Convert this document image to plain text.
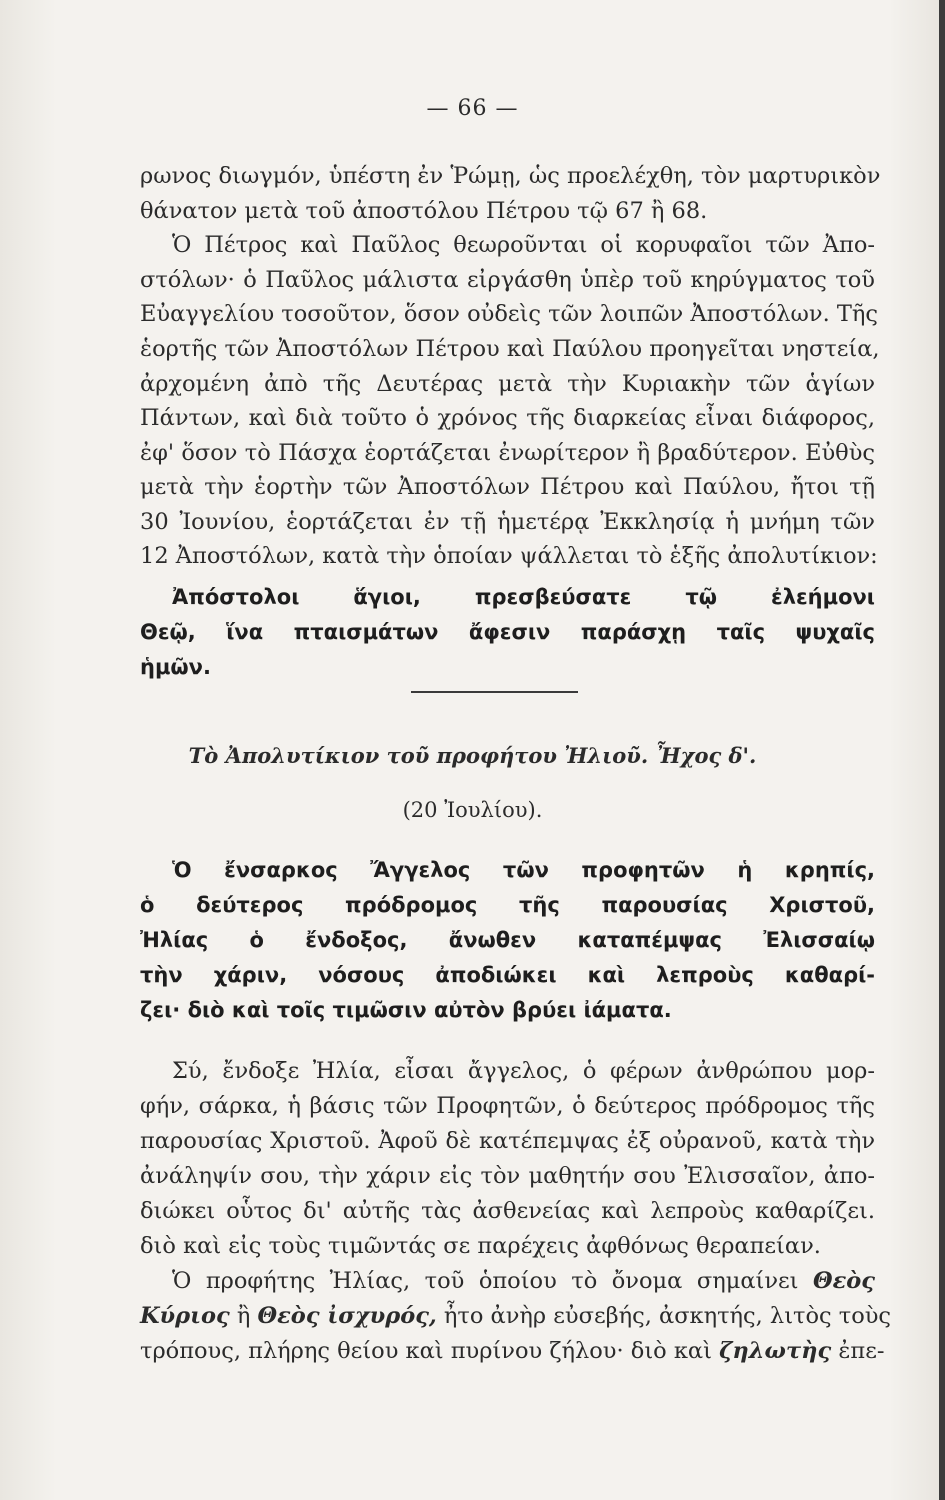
— 66 —
ρωνος διωγμόν, ὑπέστη ἐν Ῥώμῃ, ὡς προελέχθη, τὸν μαρτυρικὸν
θάνατον μετὰ τοῦ ἀποστόλου Πέτρου τῷ 67 ἢ 68.
Ὁ Πέτρος καὶ Παῦλος θεωροῦνται οἱ κορυφαῖοι τῶν Ἀπο-
στόλων· ὁ Παῦλος μάλιστα εἰργάσθη ὑπὲρ τοῦ κηρύγματος τοῦ
Εὐαγγελίου τοσοῦτον, ὅσον οὐδεὶς τῶν λοιπῶν Ἀποστόλων. Τῆς
ἑορτῆς τῶν Ἀποστόλων Πέτρου καὶ Παύλου προηγεῖται νηστεία,
ἀρχομένη ἀπὸ τῆς Δευτέρας μετὰ τὴν Κυριακὴν τῶν ἁγίων
Πάντων, καὶ διὰ τοῦτο ὁ χρόνος τῆς διαρκείας εἶναι διάφορος,
ἐφ' ὅσον τὸ Πάσχα ἑορτάζεται ἐνωρίτερον ἢ βραδύτερον. Εὐθὺς
μετὰ τὴν ἑορτὴν τῶν Ἀποστόλων Πέτρου καὶ Παύλου, ἤτοι τῇ
30 Ἰουνίου, ἑορτάζεται ἐν τῇ ἡμετέρᾳ Ἐκκλησίᾳ ἡ μνήμη τῶν
12 Ἀποστόλων, κατὰ τὴν ὁποίαν ψάλλεται τὸ ἑξῆς ἀπολυτίκιον:
Ἀπόστολοι ἅγιοι, πρεσβεύσατε τῷ ἐλεήμονι
Θεῷ, ἵνα πταισμάτων ἄφεσιν παράσχῃ ταῖς ψυχαῖς
ἡμῶν.
Τὸ Ἀπολυτίκιον τοῦ προφήτου Ἠλιοῦ. Ἦχος δ'.
(20 Ἰουλίου).
Ὁ ἔνσαρκος Ἄγγελος τῶν προφητῶν ἡ κρηπίς,
ὁ δεύτερος πρόδρομος τῆς παρουσίας Χριστοῦ,
Ἠλίας ὁ ἔνδοξος, ἄνωθεν καταπέμψας Ἐλισσαίῳ
τὴν χάριν, νόσους ἀποδιώκει καὶ λεπροὺς καθαρί-
ζει· διὸ καὶ τοῖς τιμῶσιν αὐτὸν βρύει ἰάματα.
Σύ, ἔνδοξε Ἠλία, εἶσαι ἄγγελος, ὁ φέρων ἀνθρώπου μορ-
φήν, σάρκα, ἡ βάσις τῶν Προφητῶν, ὁ δεύτερος πρόδρομος τῆς
παρουσίας Χριστοῦ. Ἀφοῦ δὲ κατέπεμψας ἐξ οὐρανοῦ, κατὰ τὴν
ἀνάληψίν σου, τὴν χάριν εἰς τὸν μαθητήν σου Ἐλισσαῖον, ἀπο-
διώκει οὗτος δι' αὐτῆς τὰς ἀσθενείας καὶ λεπροὺς καθαρίζει.
διὸ καὶ εἰς τοὺς τιμῶντάς σε παρέχεις ἀφθόνως θεραπείαν.
Ὁ προφήτης Ἠλίας, τοῦ ὁποίου τὸ ὄνομα σημαίνει Θεὸς
Κύριος ἢ Θεὸς ἰσχυρός, ἦτο ἀνὴρ εὐσεβής, ἀσκητής, λιτὸς τοὺς
τρόπους, πλήρης θείου καὶ πυρίνου ζήλου· διὸ καὶ ζηλωτὴς ἐπε-
